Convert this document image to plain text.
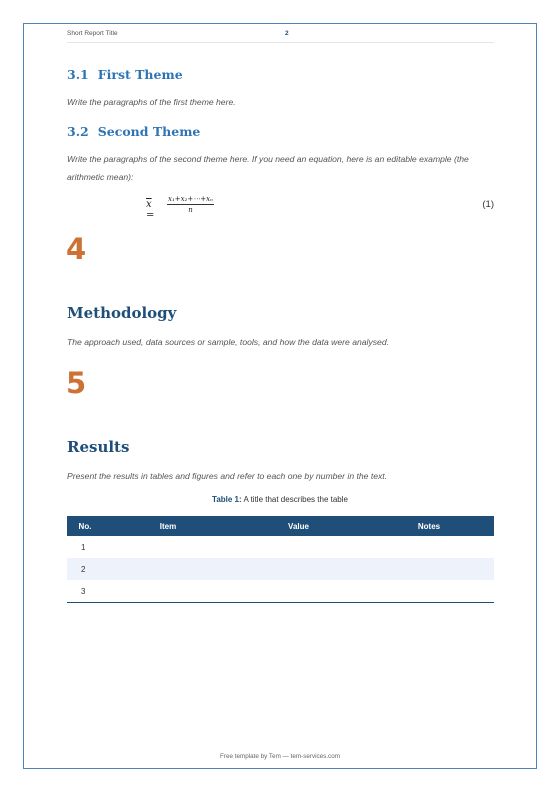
Short Report Title	2
3.1 First Theme

Write the paragraphs of the first theme here.

3.2 Second Theme

Write the paragraphs of the second theme here. If you need an equation, here is an editable example (the arithmetic mean):

$\overline{x}$ =
$\frac{\text{x₁+x₂+⋯+xₙ}}{n}$	(1)
4
Methodology

The approach used, data sources or sample, tools, and how the data were analysed.

5
Results

Present the results in tables and figures and refer to each one by number in the text.

Table 1: A title that describes the table
No.	Item	Value	Notes
1			
2			
3			
Free template by Tem — tem-services.com
